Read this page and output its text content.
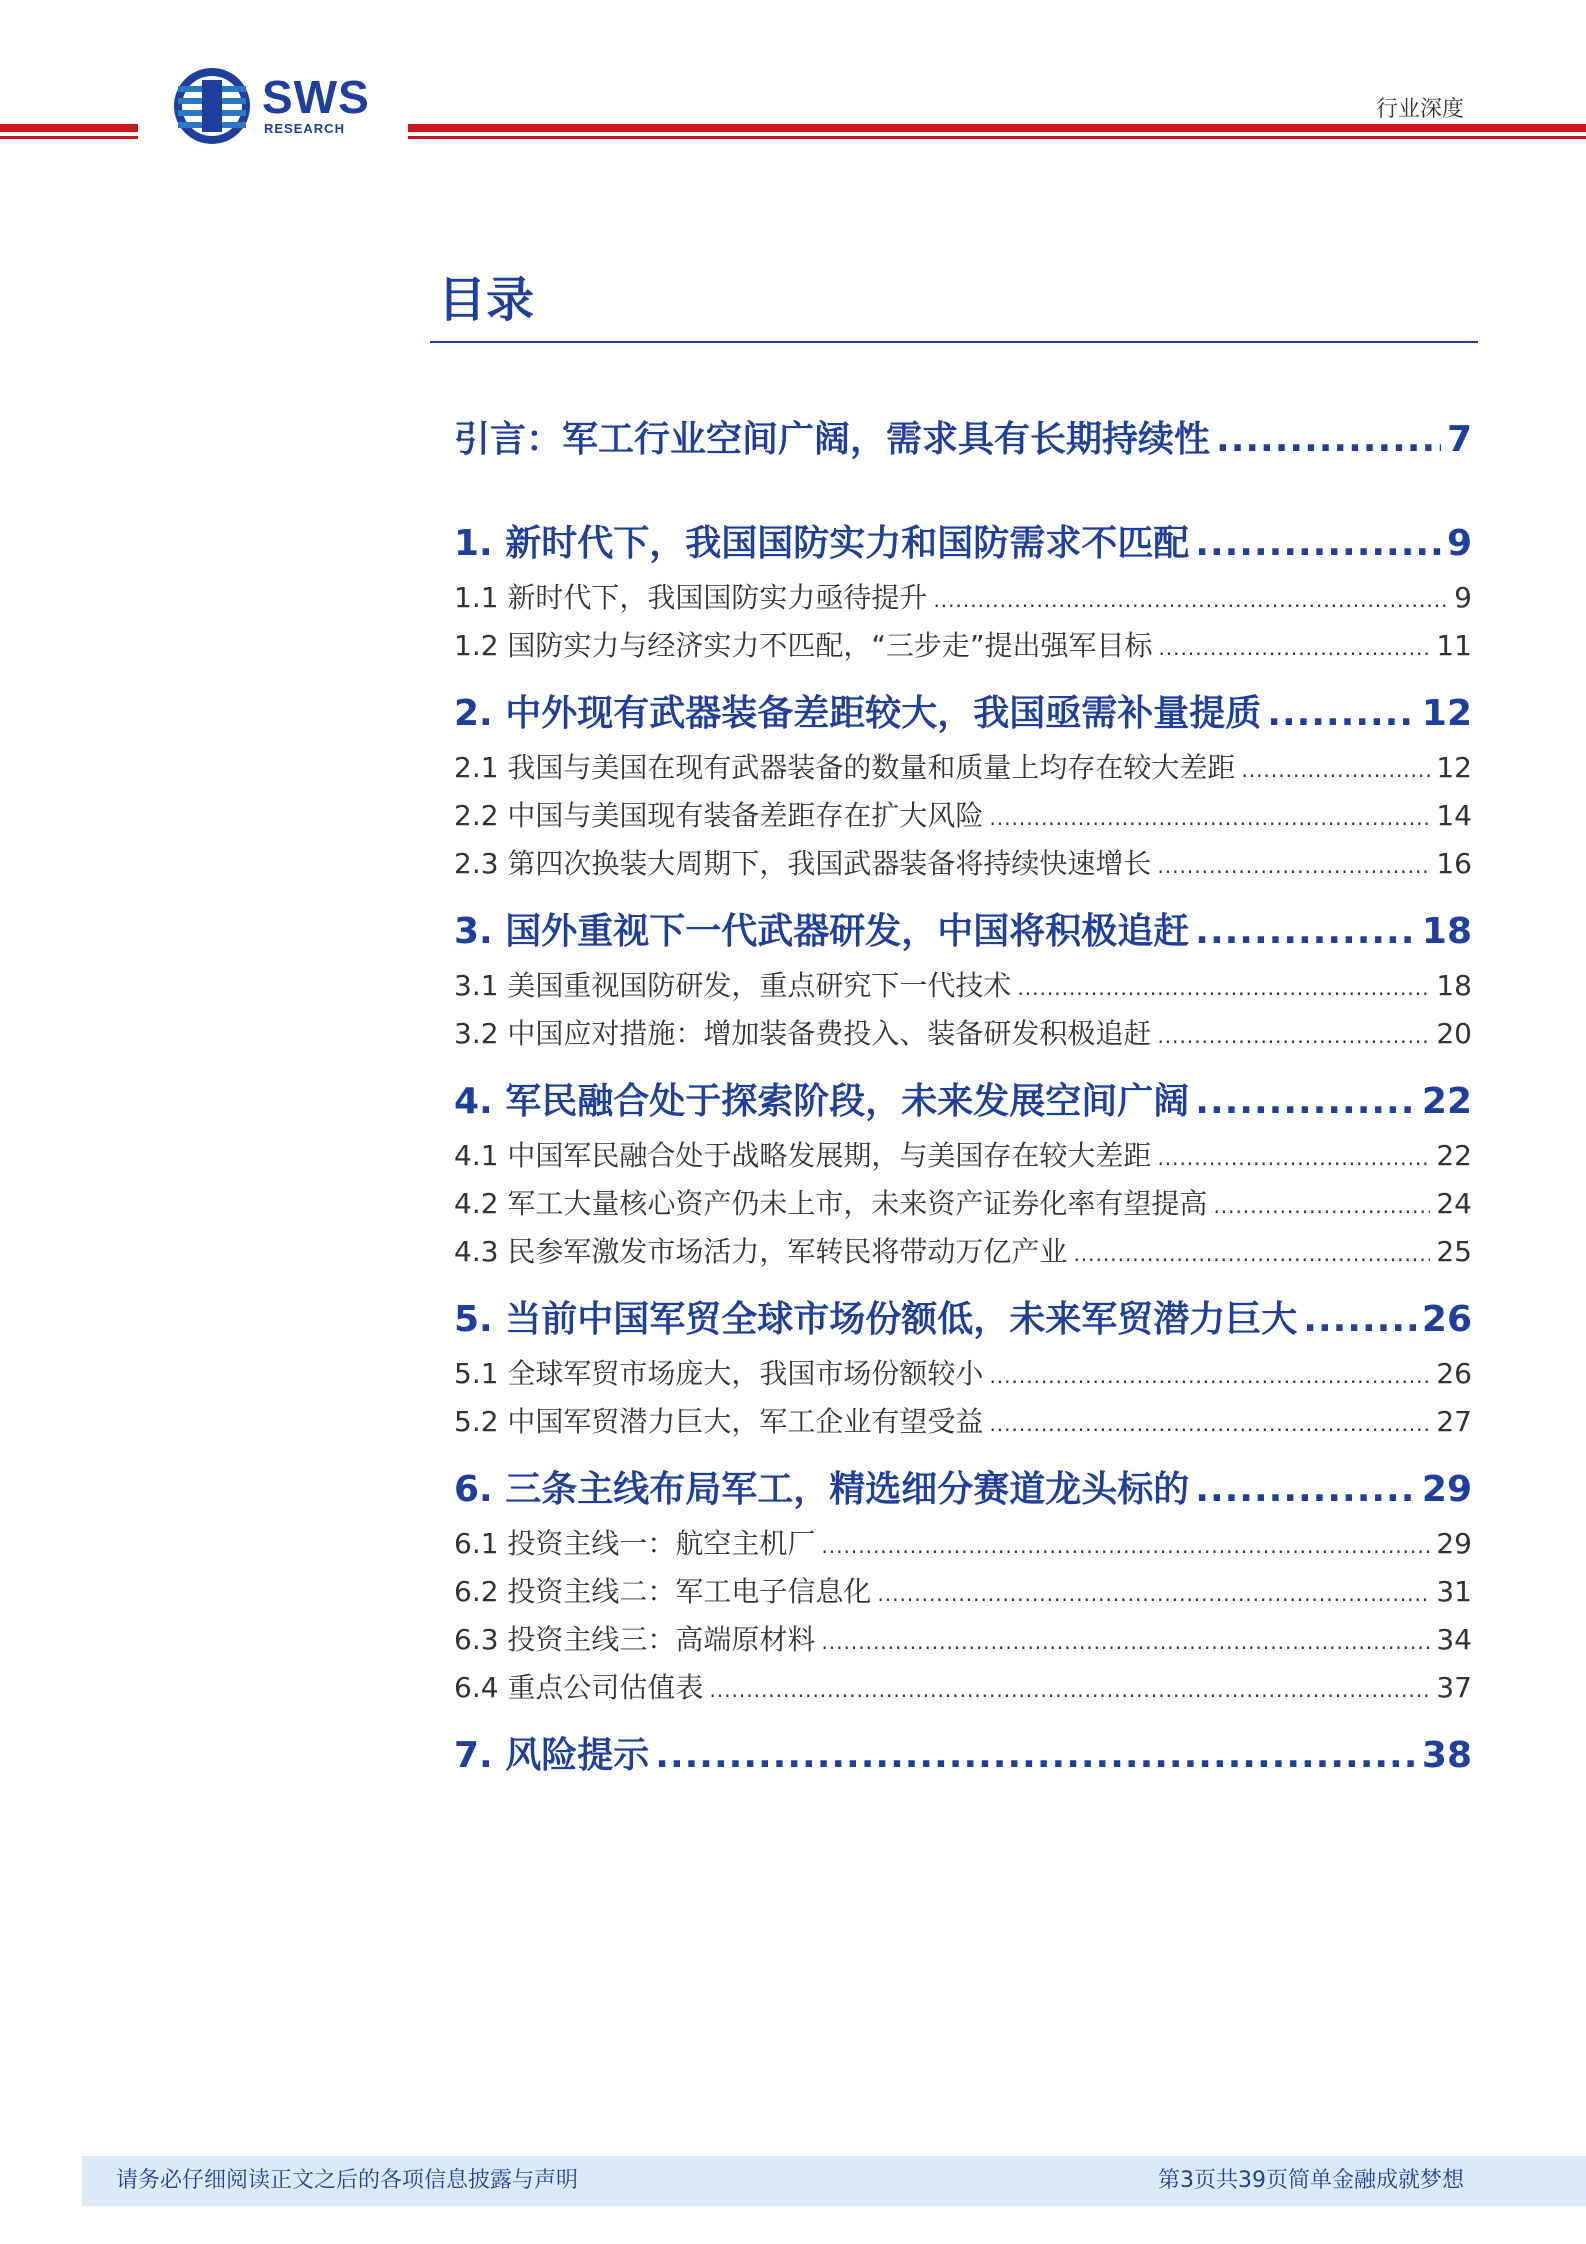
SWS
RESEARCH
行业深度
目录
引言：军工行业空间广阔，需求具有长期持续性 .....	7
1. 新时代下，我国国防实力和国防需求不匹配 .....	9
1.1 新时代下，我国国防实力亟待提升 .....	9
1.2 国防实力与经济实力不匹配，“三步走”提出强军目标 .....	11
2. 中外现有武器装备差距较大，我国亟需补量提质 .....	12
2.1 我国与美国在现有武器装备的数量和质量上均存在较大差距 .....	12
2.2 中国与美国现有装备差距存在扩大风险 .....	14
2.3 第四次换装大周期下，我国武器装备将持续快速增长 .....	16
3. 国外重视下一代武器研发，中国将积极追赶 .....	18
3.1 美国重视国防研发，重点研究下一代技术 .....	18
3.2 中国应对措施：增加装备费投入、装备研发积极追赶 .....	20
4. 军民融合处于探索阶段，未来发展空间广阔 .....	22
4.1 中国军民融合处于战略发展期，与美国存在较大差距 .....	22
4.2 军工大量核心资产仍未上市，未来资产证券化率有望提高 .....	24
4.3 民参军激发市场活力，军转民将带动万亿产业 .....	25
5. 当前中国军贸全球市场份额低，未来军贸潜力巨大 .....	26
5.1 全球军贸市场庞大，我国市场份额较小 .....	26
5.2 中国军贸潜力巨大，军工企业有望受益 .....	27
6. 三条主线布局军工，精选细分赛道龙头标的 .....	29
6.1 投资主线一：航空主机厂 .....	29
6.2 投资主线二：军工电子信息化 .....	31
6.3 投资主线三：高端原材料 .....	34
6.4 重点公司估值表 .....	37
7. 风险提示 .....	38
请务必仔细阅读正文之后的各项信息披露与声明	第3页共39页简单金融成就梦想
